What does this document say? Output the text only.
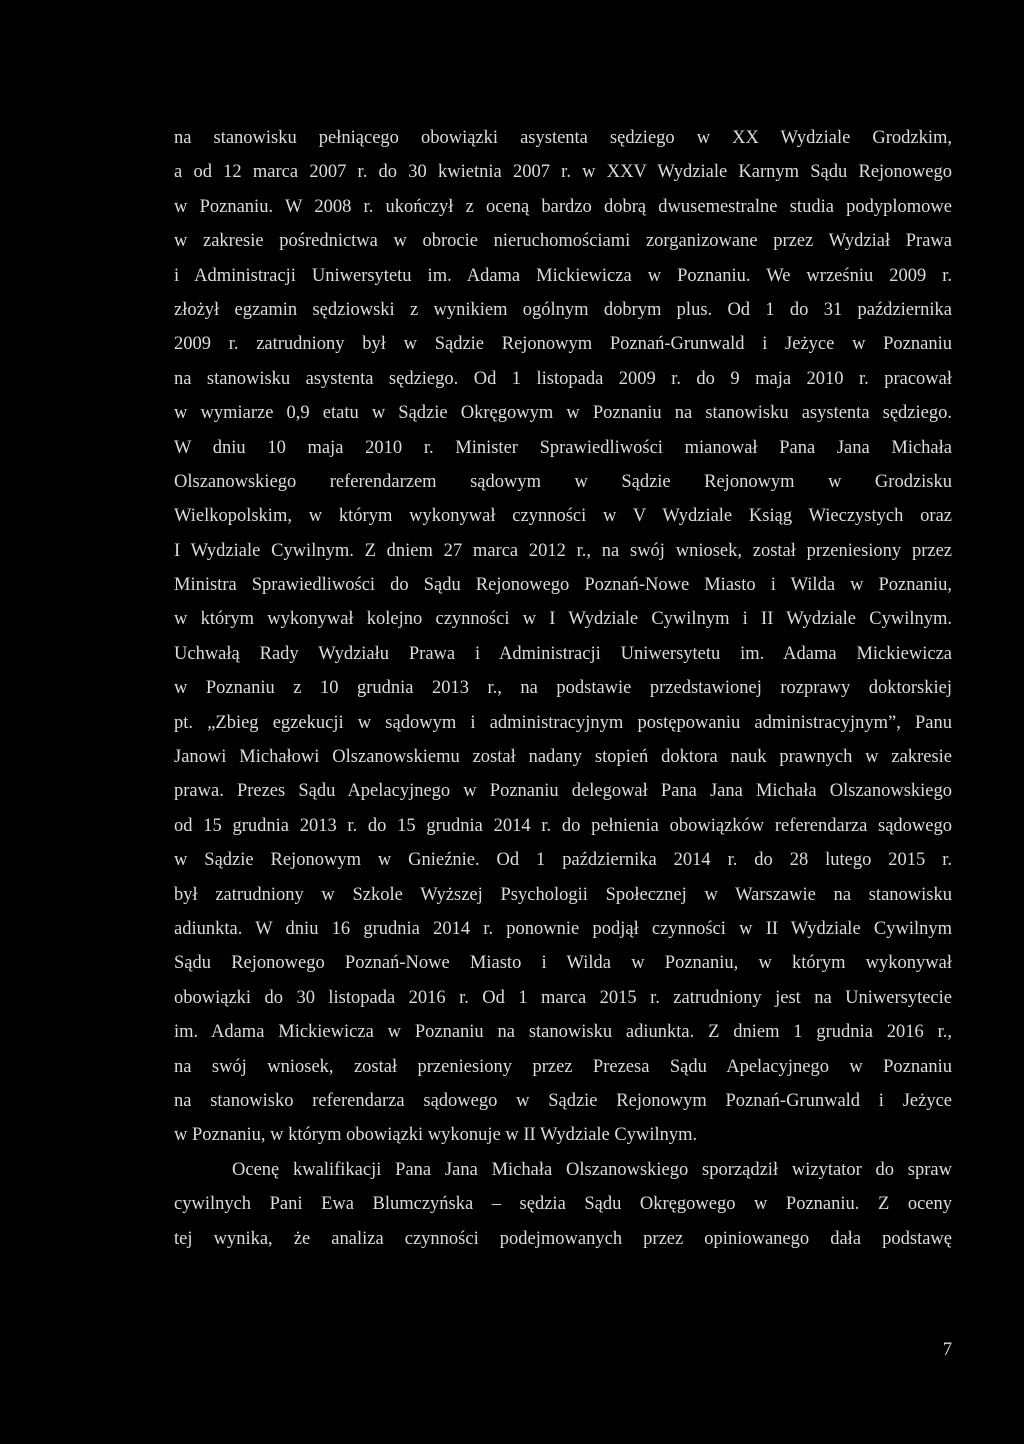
na stanowisku pełniącego obowiązki asystenta sędziego w XX Wydziale Grodzkim,
a od 12 marca 2007 r. do 30 kwietnia 2007 r. w XXV Wydziale Karnym Sądu Rejonowego
w Poznaniu. W 2008 r. ukończył z oceną bardzo dobrą dwusemestralne studia podyplomowe
w zakresie pośrednictwa w obrocie nieruchomościami zorganizowane przez Wydział Prawa
i Administracji Uniwersytetu im. Adama Mickiewicza w Poznaniu. We wrześniu 2009 r.
złożył egzamin sędziowski z wynikiem ogólnym dobrym plus. Od 1 do 31 października
2009 r. zatrudniony był w Sądzie Rejonowym Poznań-Grunwald i Jeżyce w Poznaniu
na stanowisku asystenta sędziego. Od 1 listopada 2009 r. do 9 maja 2010 r. pracował
w wymiarze 0,9 etatu w Sądzie Okręgowym w Poznaniu na stanowisku asystenta sędziego.
W dniu 10 maja 2010 r. Minister Sprawiedliwości mianował Pana Jana Michała
Olszanowskiego referendarzem sądowym w Sądzie Rejonowym w Grodzisku
Wielkopolskim, w którym wykonywał czynności w V Wydziale Ksiąg Wieczystych oraz
I Wydziale Cywilnym. Z dniem 27 marca 2012 r., na swój wniosek, został przeniesiony przez
Ministra Sprawiedliwości do Sądu Rejonowego Poznań-Nowe Miasto i Wilda w Poznaniu,
w którym wykonywał kolejno czynności w I Wydziale Cywilnym i II Wydziale Cywilnym.
Uchwałą Rady Wydziału Prawa i Administracji Uniwersytetu im. Adama Mickiewicza
w Poznaniu z 10 grudnia 2013 r., na podstawie przedstawionej rozprawy doktorskiej
pt. „Zbieg egzekucji w sądowym i administracyjnym postępowaniu administracyjnym”, Panu
Janowi Michałowi Olszanowskiemu został nadany stopień doktora nauk prawnych w zakresie
prawa. Prezes Sądu Apelacyjnego w Poznaniu delegował Pana Jana Michała Olszanowskiego
od 15 grudnia 2013 r. do 15 grudnia 2014 r. do pełnienia obowiązków referendarza sądowego
w Sądzie Rejonowym w Gnieźnie. Od 1 października 2014 r. do 28 lutego 2015 r.
był zatrudniony w Szkole Wyższej Psychologii Społecznej w Warszawie na stanowisku
adiunkta. W dniu 16 grudnia 2014 r. ponownie podjął czynności w II Wydziale Cywilnym
Sądu Rejonowego Poznań-Nowe Miasto i Wilda w Poznaniu, w którym wykonywał
obowiązki do 30 listopada 2016 r. Od 1 marca 2015 r. zatrudniony jest na Uniwersytecie
im. Adama Mickiewicza w Poznaniu na stanowisku adiunkta. Z dniem 1 grudnia 2016 r.,
na swój wniosek, został przeniesiony przez Prezesa Sądu Apelacyjnego w Poznaniu
na stanowisko referendarza sądowego w Sądzie Rejonowym Poznań-Grunwald i Jeżyce
w Poznaniu, w którym obowiązki wykonuje w II Wydziale Cywilnym.
Ocenę kwalifikacji Pana Jana Michała Olszanowskiego sporządził wizytator do spraw
cywilnych Pani Ewa Blumczyńska – sędzia Sądu Okręgowego w Poznaniu. Z oceny
tej wynika, że analiza czynności podejmowanych przez opiniowanego dała podstawę
7
